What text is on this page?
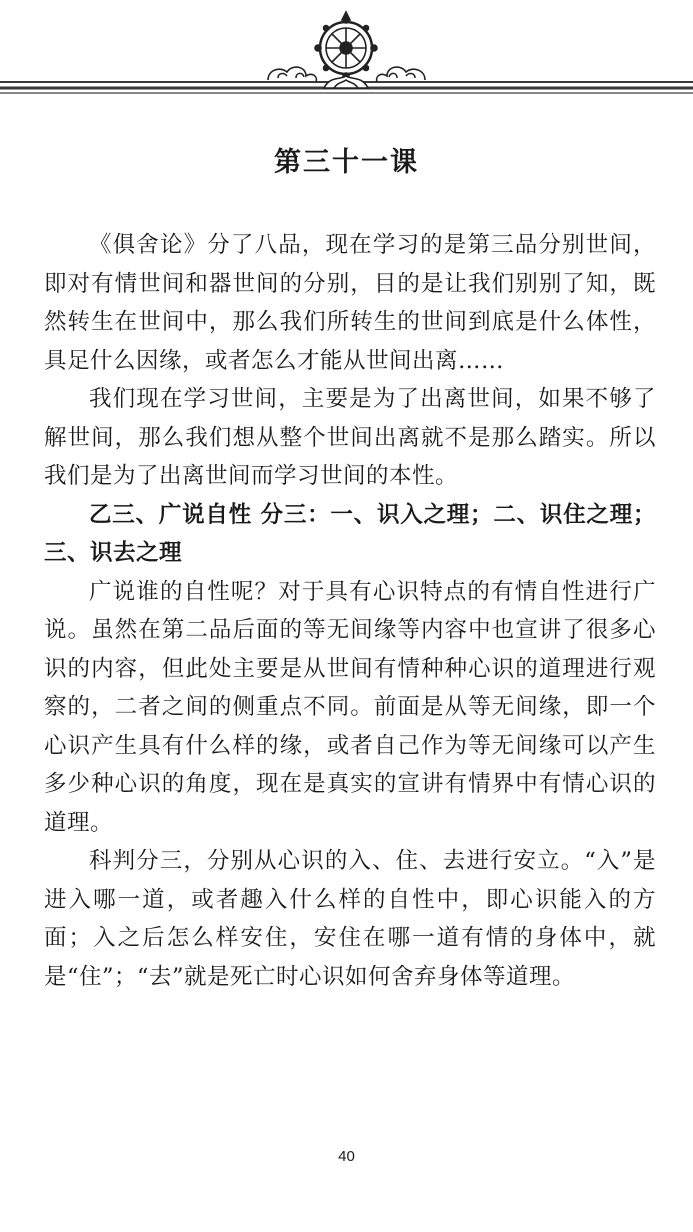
第三十一课

《俱舍论》分了八品，现在学习的是第三品分别世间，即对有情世间和器世间的分别，目的是让我们别别了知，既然转生在世间中，那么我们所转生的世间到底是什么体性，具足什么因缘，或者怎么才能从世间出离……

我们现在学习世间，主要是为了出离世间，如果不够了解世间，那么我们想从整个世间出离就不是那么踏实。所以我们是为了出离世间而学习世间的本性。

乙三、广说自性 分三：一、识入之理；二、识住之理；三、识去之理

广说谁的自性呢？对于具有心识特点的有情自性进行广说。虽然在第二品后面的等无间缘等内容中也宣讲了很多心识的内容，但此处主要是从世间有情种种心识的道理进行观察的，二者之间的侧重点不同。前面是从等无间缘，即一个心识产生具有什么样的缘，或者自己作为等无间缘可以产生多少种心识的角度，现在是真实的宣讲有情界中有情心识的道理。

科判分三，分别从心识的入、住、去进行安立。“入”是进入哪一道，或者趣入什么样的自性中，即心识能入的方面；入之后怎么样安住，安住在哪一道有情的身体中，就是“住”；“去”就是死亡时心识如何舍弃身体等道理。

40
